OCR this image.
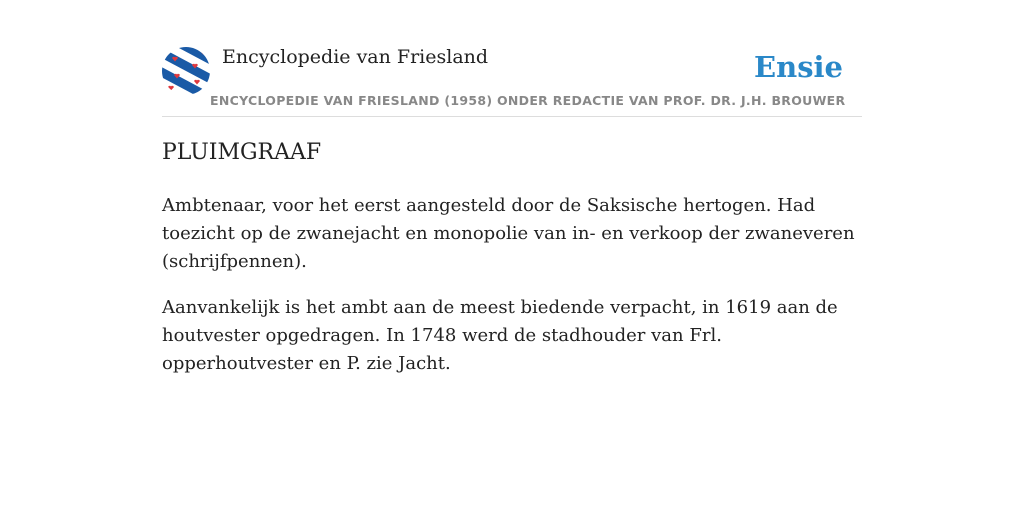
Encyclopedie van Friesland
ENCYCLOPEDIE VAN FRIESLAND (1958) ONDER REDACTIE VAN PROF. DR. J.H. BROUWER
Ensie
PLUIMGRAAF

Ambtenaar, voor het eerst aangesteld door de Saksische hertogen. Had toezicht op de zwanejacht en monopolie van in- en verkoop der zwaneveren (schrijfpennen).

Aanvankelijk is het ambt aan de meest biedende verpacht, in 1619 aan de houtvester opgedragen. In 1748 werd de stadhouder van Frl. opperhoutvester en P. zie Jacht.
